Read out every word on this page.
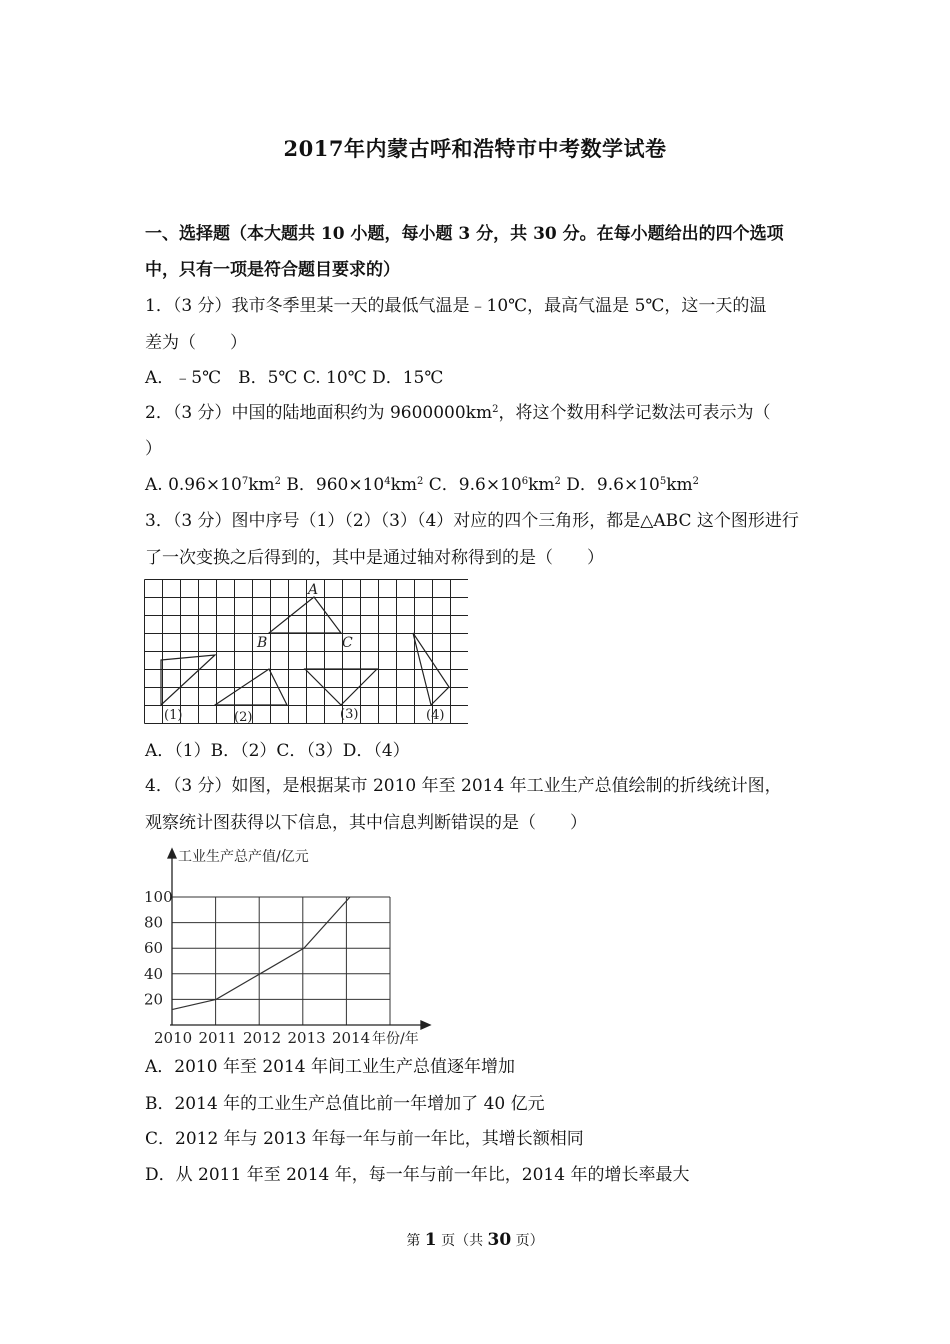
2017年内蒙古呼和浩特市中考数学试卷
一、选择题（本大题共 10 小题，每小题 3 分，共 30 分。在每小题给出的四个选项
中，只有一项是符合题目要求的）
1．（3 分）我市冬季里某一天的最低气温是﹣10℃，最高气温是 5℃，这一天的温
差为（　　）
A．﹣5℃　B．5℃ C. 10℃ D．15℃
2．（3 分）中国的陆地面积约为 $9600000km^2$，将这个数用科学记数法可表示为（
）
A. $0.96\times 10^7km^2$ B．$960\times 10^4km^2$ C．$9.6\times 10^6km^2$ D．$9.6\times 10^5km^2$
3．（3 分）图中序号（1）（2）（3）（4）对应的四个三角形，都是△ABC 这个图形进行
了一次变换之后得到的，其中是通过轴对称得到的是（　　）
A
B	C
(1)	(2)	(3)	(4)
A．（1）B．（2）C．（3）D．（4）
4．（3 分）如图，是根据某市 2010 年至 2014 年工业生产总值绘制的折线统计图，
观察统计图获得以下信息，其中信息判断错误的是（　　）
工业生产总产值/亿元
20
40
60
80
100
2010 2011 2012 2013 2014 年份/年
A．2010 年至 2014 年间工业生产总值逐年增加
B．2014 年的工业生产总值比前一年增加了 40 亿元
C．2012 年与 2013 年每一年与前一年比，其增长额相同
D．从 2011 年至 2014 年，每一年与前一年比，2014 年的增长率最大
第 1 页（共 30 页）
